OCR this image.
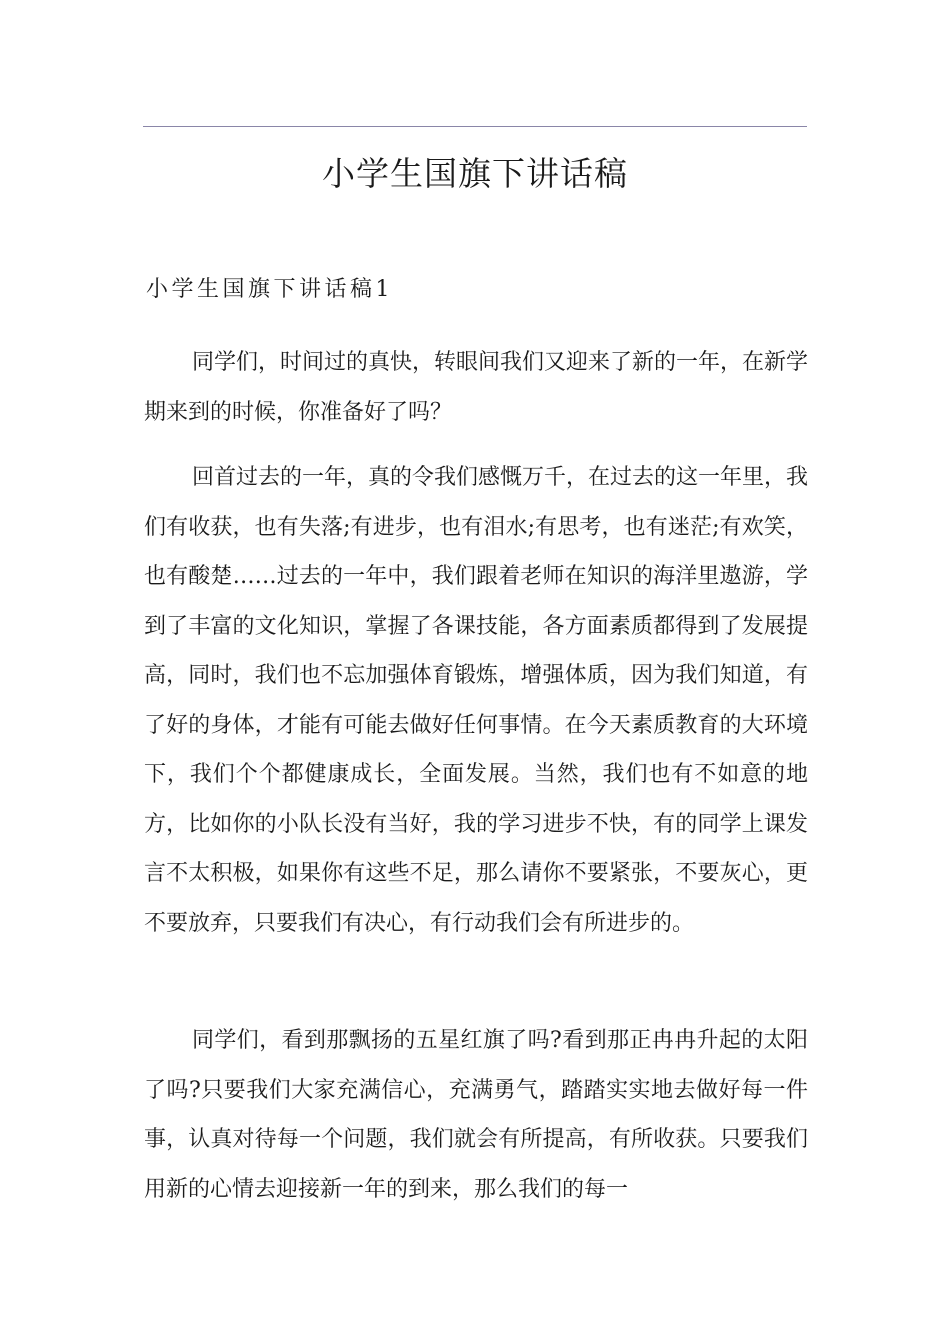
小学生国旗下讲话稿
小学生国旗下讲话稿1

同学们，时间过的真快，转眼间我们又迎来了新的一年，在新学期来到的时候，你准备好了吗？

回首过去的一年，真的令我们感慨万千，在过去的这一年里，我们有收获，也有失落;有进步，也有泪水;有思考，也有迷茫;有欢笑，也有酸楚……过去的一年中，我们跟着老师在知识的海洋里遨游，学到了丰富的文化知识，掌握了各课技能，各方面素质都得到了发展提高，同时，我们也不忘加强体育锻炼，增强体质，因为我们知道，有了好的身体，才能有可能去做好任何事情。在今天素质教育的大环境下，我们个个都健康成长，全面发展。当然，我们也有不如意的地方，比如你的小队长没有当好，我的学习进步不快，有的同学上课发言不太积极，如果你有这些不足，那么请你不要紧张，不要灰心，更不要放弃，只要我们有决心，有行动我们会有所进步的。

同学们，看到那飘扬的五星红旗了吗?看到那正冉冉升起的太阳了吗?只要我们大家充满信心，充满勇气，踏踏实实地去做好每一件事，认真对待每一个问题，我们就会有所提高，有所收获。只要我们用新的心情去迎接新一年的到来，那么我们的每一
